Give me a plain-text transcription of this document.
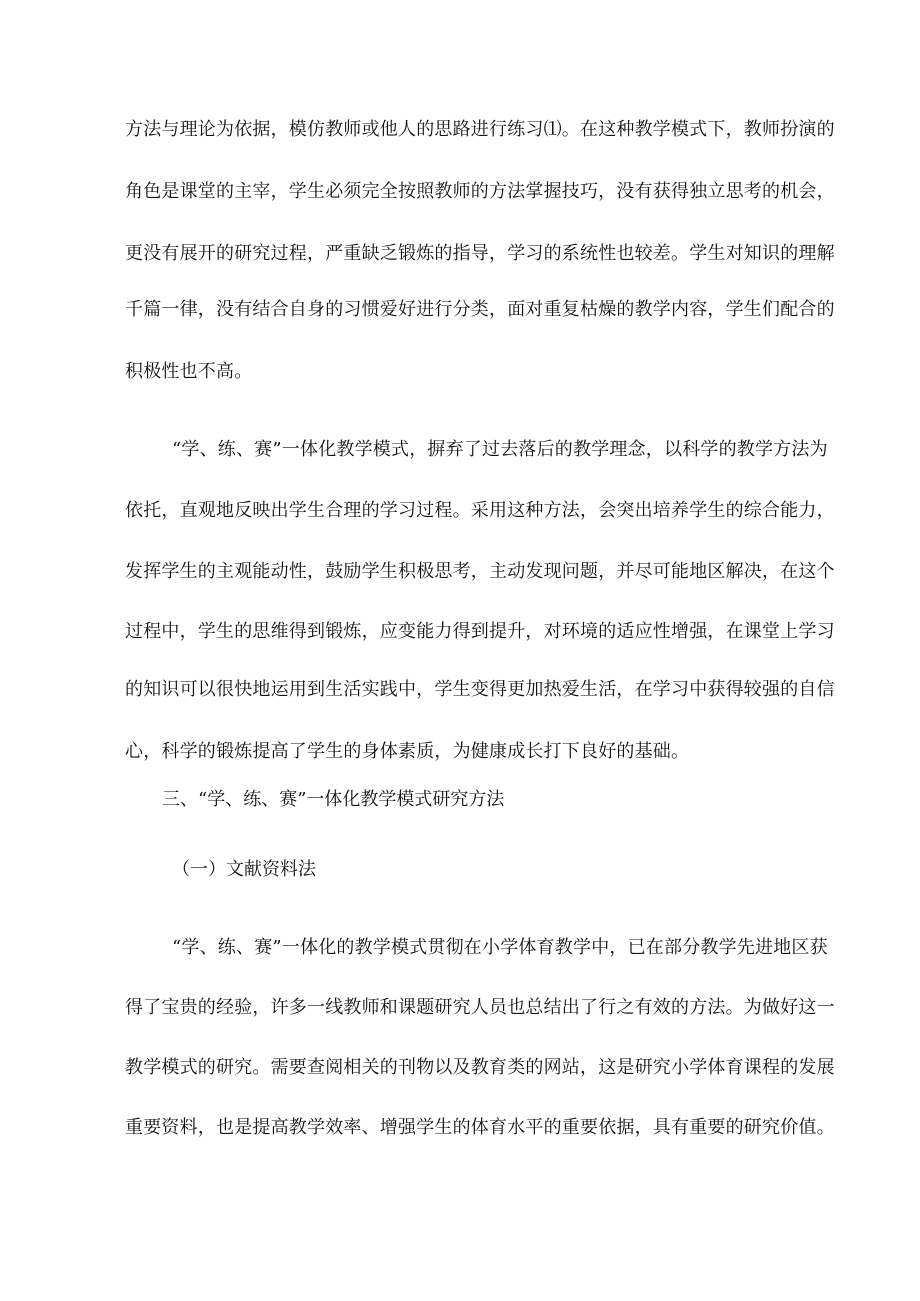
方法与理论为依据，模仿教师或他人的思路进行练习⑴。在这种教学模式下，教师扮演的
角色是课堂的主宰，学生必须完全按照教师的方法掌握技巧，没有获得独立思考的机会，
更没有展开的研究过程，严重缺乏锻炼的指导，学习的系统性也较差。学生对知识的理解
千篇一律，没有结合自身的习惯爱好进行分类，面对重复枯燥的教学内容，学生们配合的
积极性也不高。
“学、练、赛”一体化教学模式，摒弃了过去落后的教学理念，以科学的教学方法为
依托，直观地反映出学生合理的学习过程。采用这种方法，会突出培养学生的综合能力，
发挥学生的主观能动性，鼓励学生积极思考，主动发现问题，并尽可能地区解决，在这个
过程中，学生的思维得到锻炼，应变能力得到提升，对环境的适应性增强，在课堂上学习
的知识可以很快地运用到生活实践中，学生变得更加热爱生活，在学习中获得较强的自信
心，科学的锻炼提高了学生的身体素质，为健康成长打下良好的基础。
三、“学、练、赛”一体化教学模式研究方法
（一）文献资料法
“学、练、赛”一体化的教学模式贯彻在小学体育教学中，已在部分教学先进地区获
得了宝贵的经验，许多一线教师和课题研究人员也总结出了行之有效的方法。为做好这一
教学模式的研究。需要查阅相关的刊物以及教育类的网站，这是研究小学体育课程的发展
重要资料，也是提高教学效率、增强学生的体育水平的重要依据，具有重要的研究价值。
